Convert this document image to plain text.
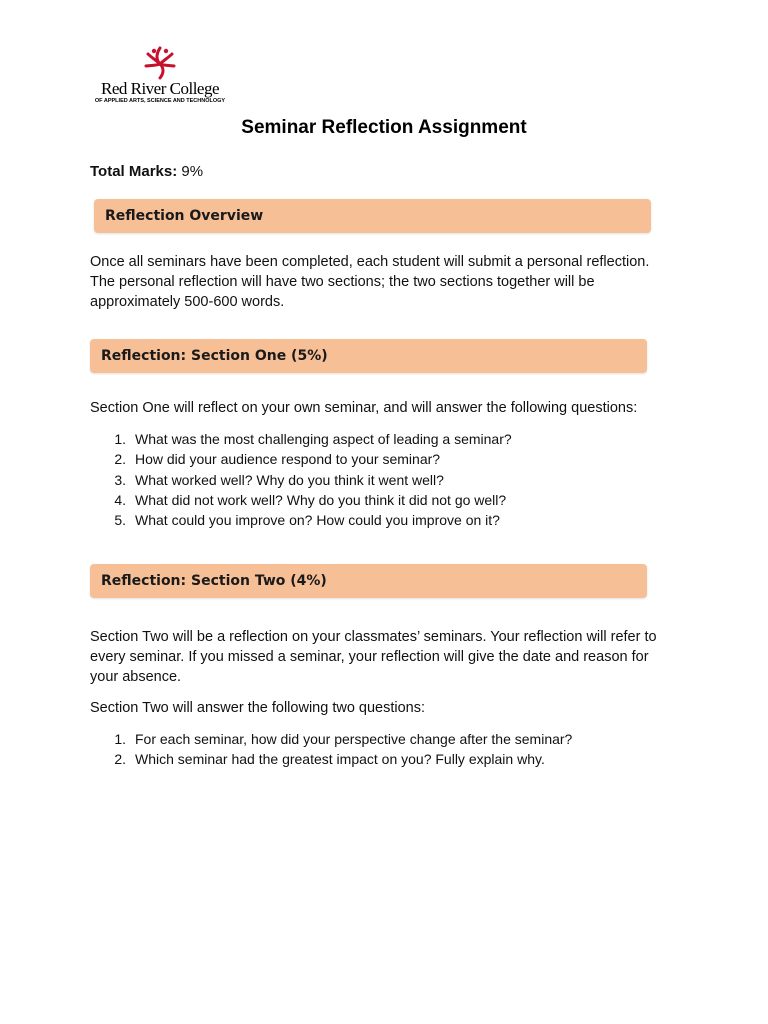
Red River College
OF APPLIED ARTS, SCIENCE AND TECHNOLOGY
Seminar Reflection Assignment
Total Marks: 9%
Reflection Overview

Once all seminars have been completed, each student will submit a personal reflection. The personal reflection will have two sections; the two sections together will be approximately 500-600 words.

Reflection: Section One (5%)

Section One will reflect on your own seminar, and will answer the following questions:

1. What was the most challenging aspect of leading a seminar?
2. How did your audience respond to your seminar?
3. What worked well? Why do you think it went well?
4. What did not work well? Why do you think it did not go well?
5. What could you improve on? How could you improve on it?
Reflection: Section Two (4%)

Section Two will be a reflection on your classmates’ seminars. Your reflection will refer to every seminar. If you missed a seminar, your reflection will give the date and reason for your absence.

Section Two will answer the following two questions:

1. For each seminar, how did your perspective change after the seminar?
2. Which seminar had the greatest impact on you? Fully explain why.
